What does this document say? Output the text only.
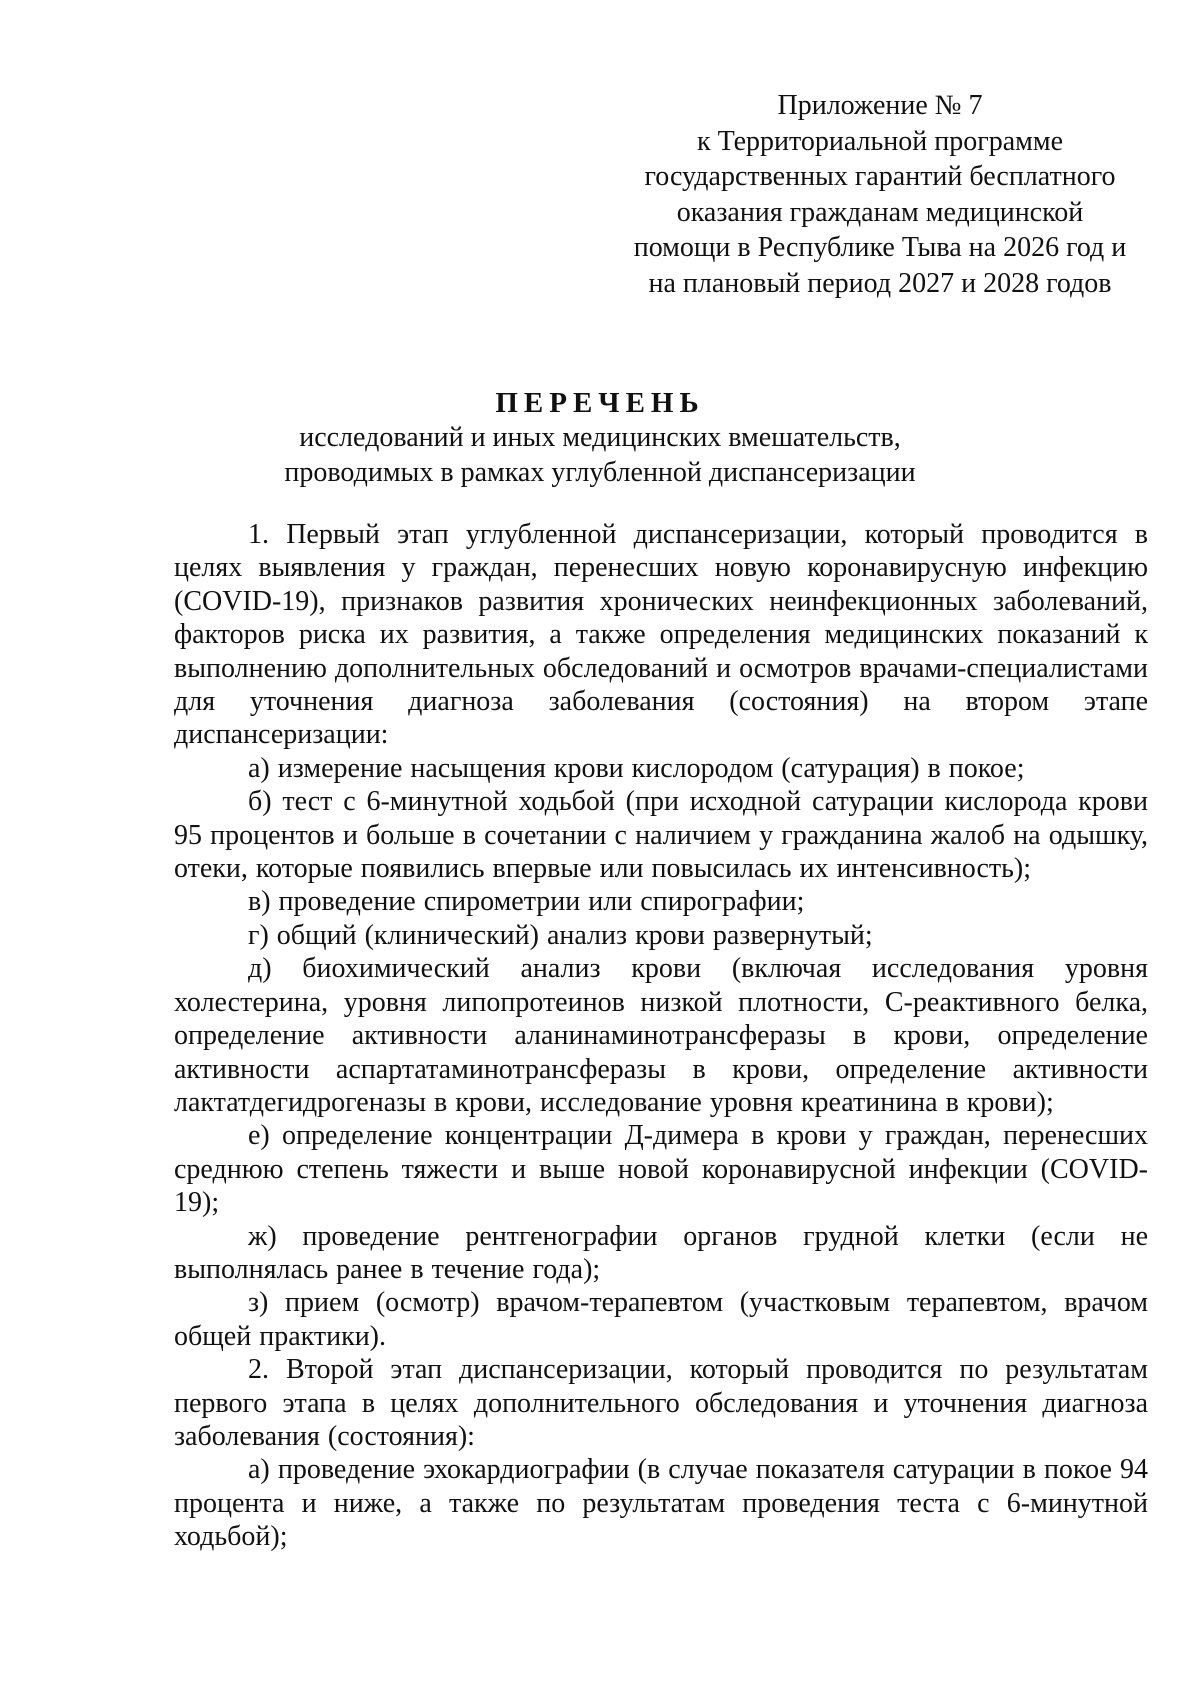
Приложение № 7
к Территориальной программе
государственных гарантий бесплатного
оказания гражданам медицинской
помощи в Республике Тыва на 2026 год и
на плановый период 2027 и 2028 годов
ПЕРЕЧЕНЬ
исследований и иных медицинских вмешательств,
проводимых в рамках углубленной диспансеризации

1. Первый этап углубленной диспансеризации, который проводится в целях выявления у граждан, перенесших новую коронавирусную инфекцию (COVID-19), признаков развития хронических неинфекционных заболеваний, факторов риска их развития, а также определения медицинских показаний к выполнению дополнительных обследований и осмотров врачами-специалистами для уточнения диагноза заболевания (состояния) на втором этапе диспансеризации:

а) измерение насыщения крови кислородом (сатурация) в покое;

б) тест с 6-минутной ходьбой (при исходной сатурации кислорода крови 95 процентов и больше в сочетании с наличием у гражданина жалоб на одышку, отеки, которые появились впервые или повысилась их интенсивность);

в) проведение спирометрии или спирографии;

г) общий (клинический) анализ крови развернутый;

д) биохимический анализ крови (включая исследования уровня холестерина, уровня липопротеинов низкой плотности, С-реактивного белка, определение активности аланинаминотрансферазы в крови, определение активности аспартатаминотрансферазы в крови, определение активности лактатдегидрогеназы в крови, исследование уровня креатинина в крови);

е) определение концентрации Д-димера в крови у граждан, перенесших среднюю степень тяжести и выше новой коронавирусной инфекции (COVID-19);

ж) проведение рентгенографии органов грудной клетки (если не выполнялась ранее в течение года);

з) прием (осмотр) врачом-терапевтом (участковым терапевтом, врачом общей практики).

2. Второй этап диспансеризации, который проводится по результатам первого этапа в целях дополнительного обследования и уточнения диагноза заболевания (состояния):

а) проведение эхокардиографии (в случае показателя сатурации в покое 94 процента и ниже, а также по результатам проведения теста с 6-минутной ходьбой);
